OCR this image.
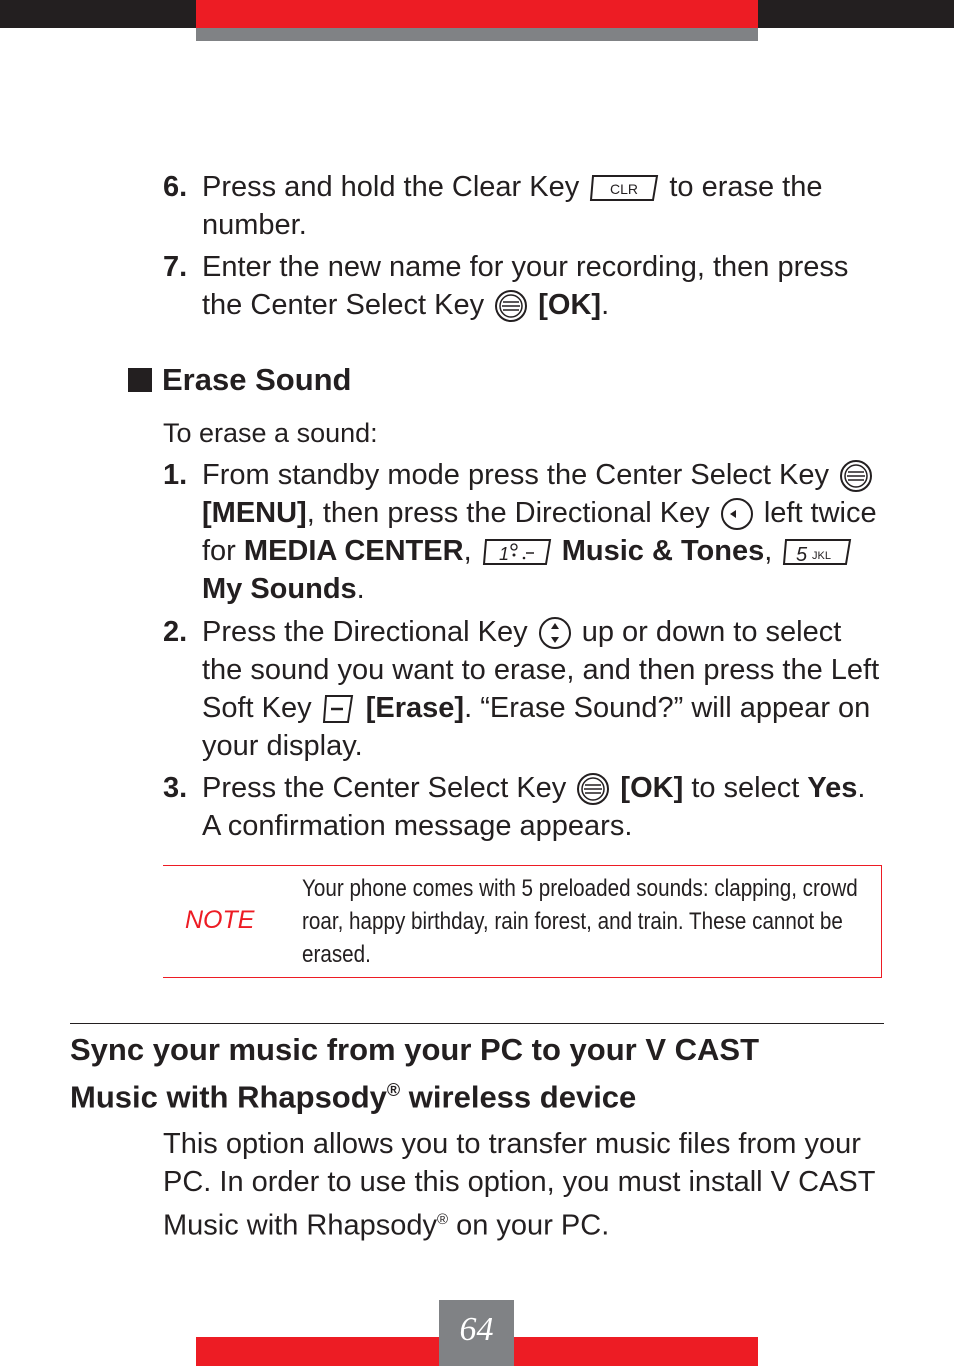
6. Press and hold the Clear Key CLR to erase the number.
7. Enter the new name for your recording, then press the Center Select Key [OK].
Erase Sound
To erase a sound:
1. From standby mode press the Center Select Key
[MENU], then press the Directional Key left twice for MEDIA CENTER, 1 Music & Tones, 5 JKL
My Sounds.
2. Press the Directional Key up or down to select the sound you want to erase, and then press the Left Soft Key [Erase]. “Erase Sound?” will appear on your display.
3. Press the Center Select Key [OK] to select Yes. A confirmation message appears.
NOTE
Your phone comes with 5 preloaded sounds: clapping, crowd roar, happy birthday, rain forest, and train. These cannot be erased.
Sync your music from your PC to your V CAST Music with Rhapsody® wireless device
This option allows you to transfer music files from your PC. In order to use this option, you must install V CAST Music with Rhapsody® on your PC.
64
